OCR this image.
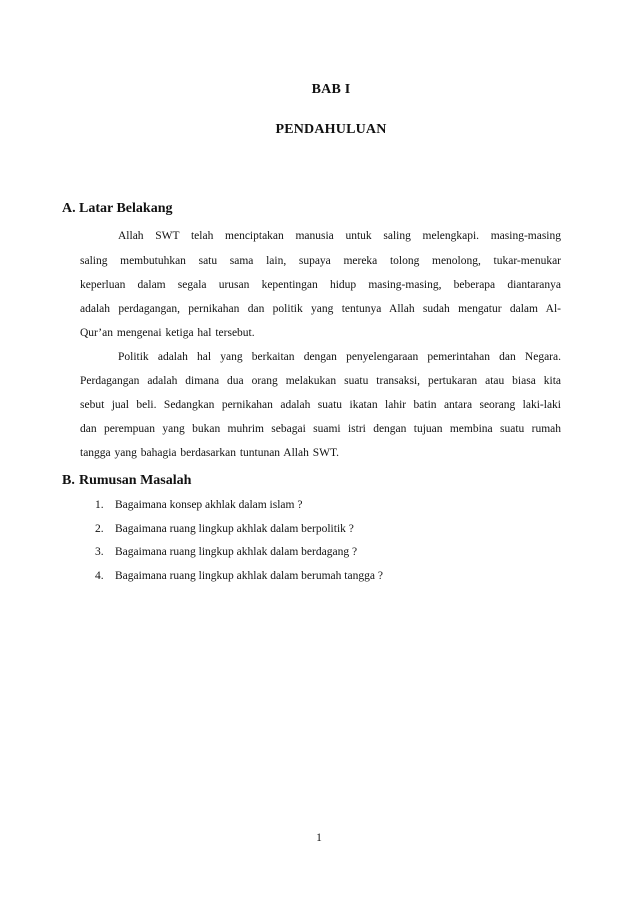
BAB I
PENDAHULUAN
A. Latar Belakang
Allah SWT telah menciptakan manusia untuk saling melengkapi. masing-masing
saling membutuhkan satu sama lain, supaya mereka tolong menolong, tukar-menukar
keperluan dalam segala urusan kepentingan hidup masing-masing, beberapa diantaranya
adalah perdagangan, pernikahan dan politik yang tentunya Allah sudah mengatur dalam Al-
Qur’an mengenai ketiga hal tersebut.
Politik adalah hal yang berkaitan dengan penyelengaraan pemerintahan dan Negara.
Perdagangan adalah dimana dua orang melakukan suatu transaksi, pertukaran atau biasa kita
sebut jual beli. Sedangkan pernikahan adalah suatu ikatan lahir batin antara seorang laki-laki
dan perempuan yang bukan muhrim sebagai suami istri dengan tujuan membina suatu rumah
tangga yang bahagia berdasarkan tuntunan Allah SWT.
B. Rumusan Masalah
1. Bagaimana konsep akhlak dalam islam ?
2. Bagaimana ruang lingkup akhlak dalam berpolitik ?
3. Bagaimana ruang lingkup akhlak dalam berdagang ?
4. Bagaimana ruang lingkup akhlak dalam berumah tangga ?
1
